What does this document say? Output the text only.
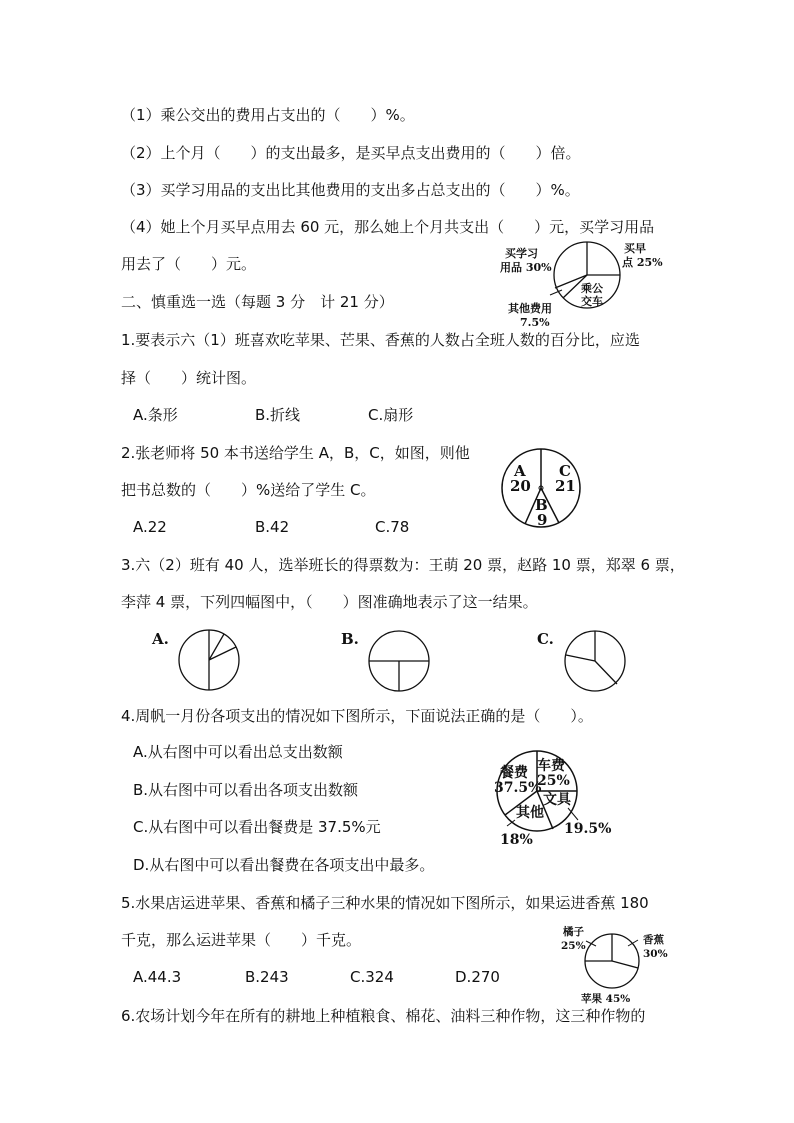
（1）乘公交出的费用占支出的（　　）%。
（2）上个月（　　）的支出最多，是买早点支出费用的（　　）倍。
（3）买学习用品的支出比其他费用的支出多占总支出的（　　）%。
（4）她上个月买早点用去 60 元，那么她上个月共支出（　　）元，买学习用品
用去了（　　）元。
买学习
用品 30%
买早
点 25%
乘公
交车
其他费用
7.5%
二、慎重选一选（每题 3 分　计 21 分）
1.要表示六（1）班喜欢吃苹果、芒果、香蕉的人数占全班人数的百分比，应选
择（　　）统计图。
A.条形	B.折线	C.扇形
2.张老师将 50 本书送给学生 A，B，C，如图，则他
把书总数的（　　）%送给了学生 C。
A.22	B.42	C.78
A
20
C
21
B
9
3.六（2）班有 40 人，选举班长的得票数为：王萌 20 票，赵路 10 票，郑翠 6 票，
李萍 4 票，下列四幅图中，（　　）图准确地表示了这一结果。
A.	B.	C.
4.周帆一月份各项支出的情况如下图所示，下面说法正确的是（　　）。
A.从右图中可以看出总支出数额
B.从右图中可以看出各项支出数额
C.从右图中可以看出餐费是 37.5%元
D.从右图中可以看出餐费在各项支出中最多。
车费
25%
餐费
37.5%
文具
19.5%
其他
18%
5.水果店运进苹果、香蕉和橘子三种水果的情况如下图所示，如果运进香蕉 180
千克，那么运进苹果（　　）千克。
A.44.3	B.243	C.324	D.270
橘子
25%	香蕉
30%
苹果 45%
6.农场计划今年在所有的耕地上种植粮食、棉花、油料三种作物，这三种作物的
